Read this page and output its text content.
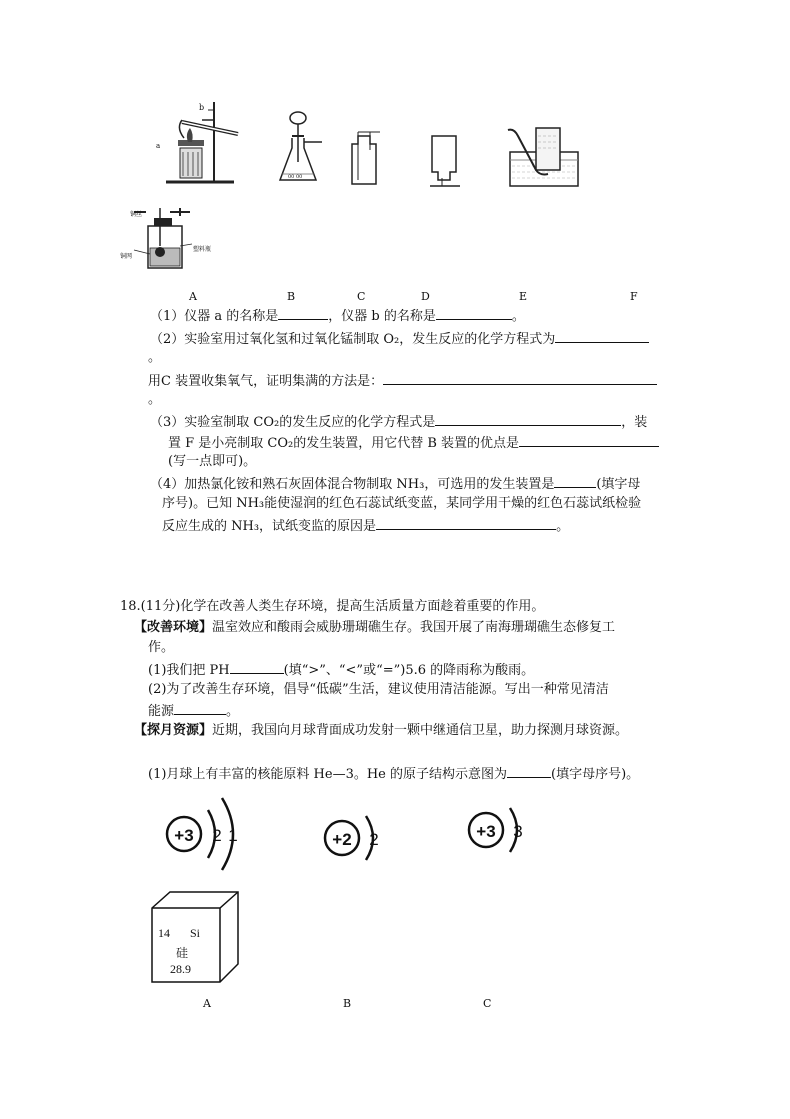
a
b
00 00
铜丝
铜网
塑料瓶
A	B	C	D	E	F
（1）仪器 a 的名称是	，仪器 b 的名称是	。
（2）实验室用过氧化氢和过氧化锰制取 O₂，发生反应的化学方程式为
。
用C 装置收集氧气，证明集满的方法是：
。
（3）实验室制取 CO₂的发生反应的化学方程式是	，装
置 F 是小亮制取 CO₂的发生装置，用它代替 B 装置的优点是
(写一点即可)。
（4）加热氯化铵和熟石灰固体混合物制取 NH₃，可选用的发生装置是	(填字母
序号)。已知 NH₃能使湿润的红色石蕊试纸变蓝，某同学用干燥的红色石蕊试纸检验
反应生成的 NH₃，试纸变监的原因是	。
18.(11分)化学在改善人类生存环境，提高生活质量方面趁着重要的作用。
【改善环境】温室效应和酸雨会威胁珊瑚礁生存。我国开展了南海珊瑚礁生态修复工
作。
(1)我们把 PH	(填“>”、“<”或“=”)5.6 的降雨称为酸雨。
(2)为了改善生存环境，倡导“低碳”生活，建议使用清洁能源。写出一种常见清洁
能源	。
【探月资源】近期，我国向月球背面成功发射一颗中继通信卫星，助力探测月球资源。
(1)月球上有丰富的核能原料 He—3。He 的原子结构示意图为	(填字母序号)。
+3 2 1	+2 2	+3 3
14 Si
硅
28.9
A	B	C
